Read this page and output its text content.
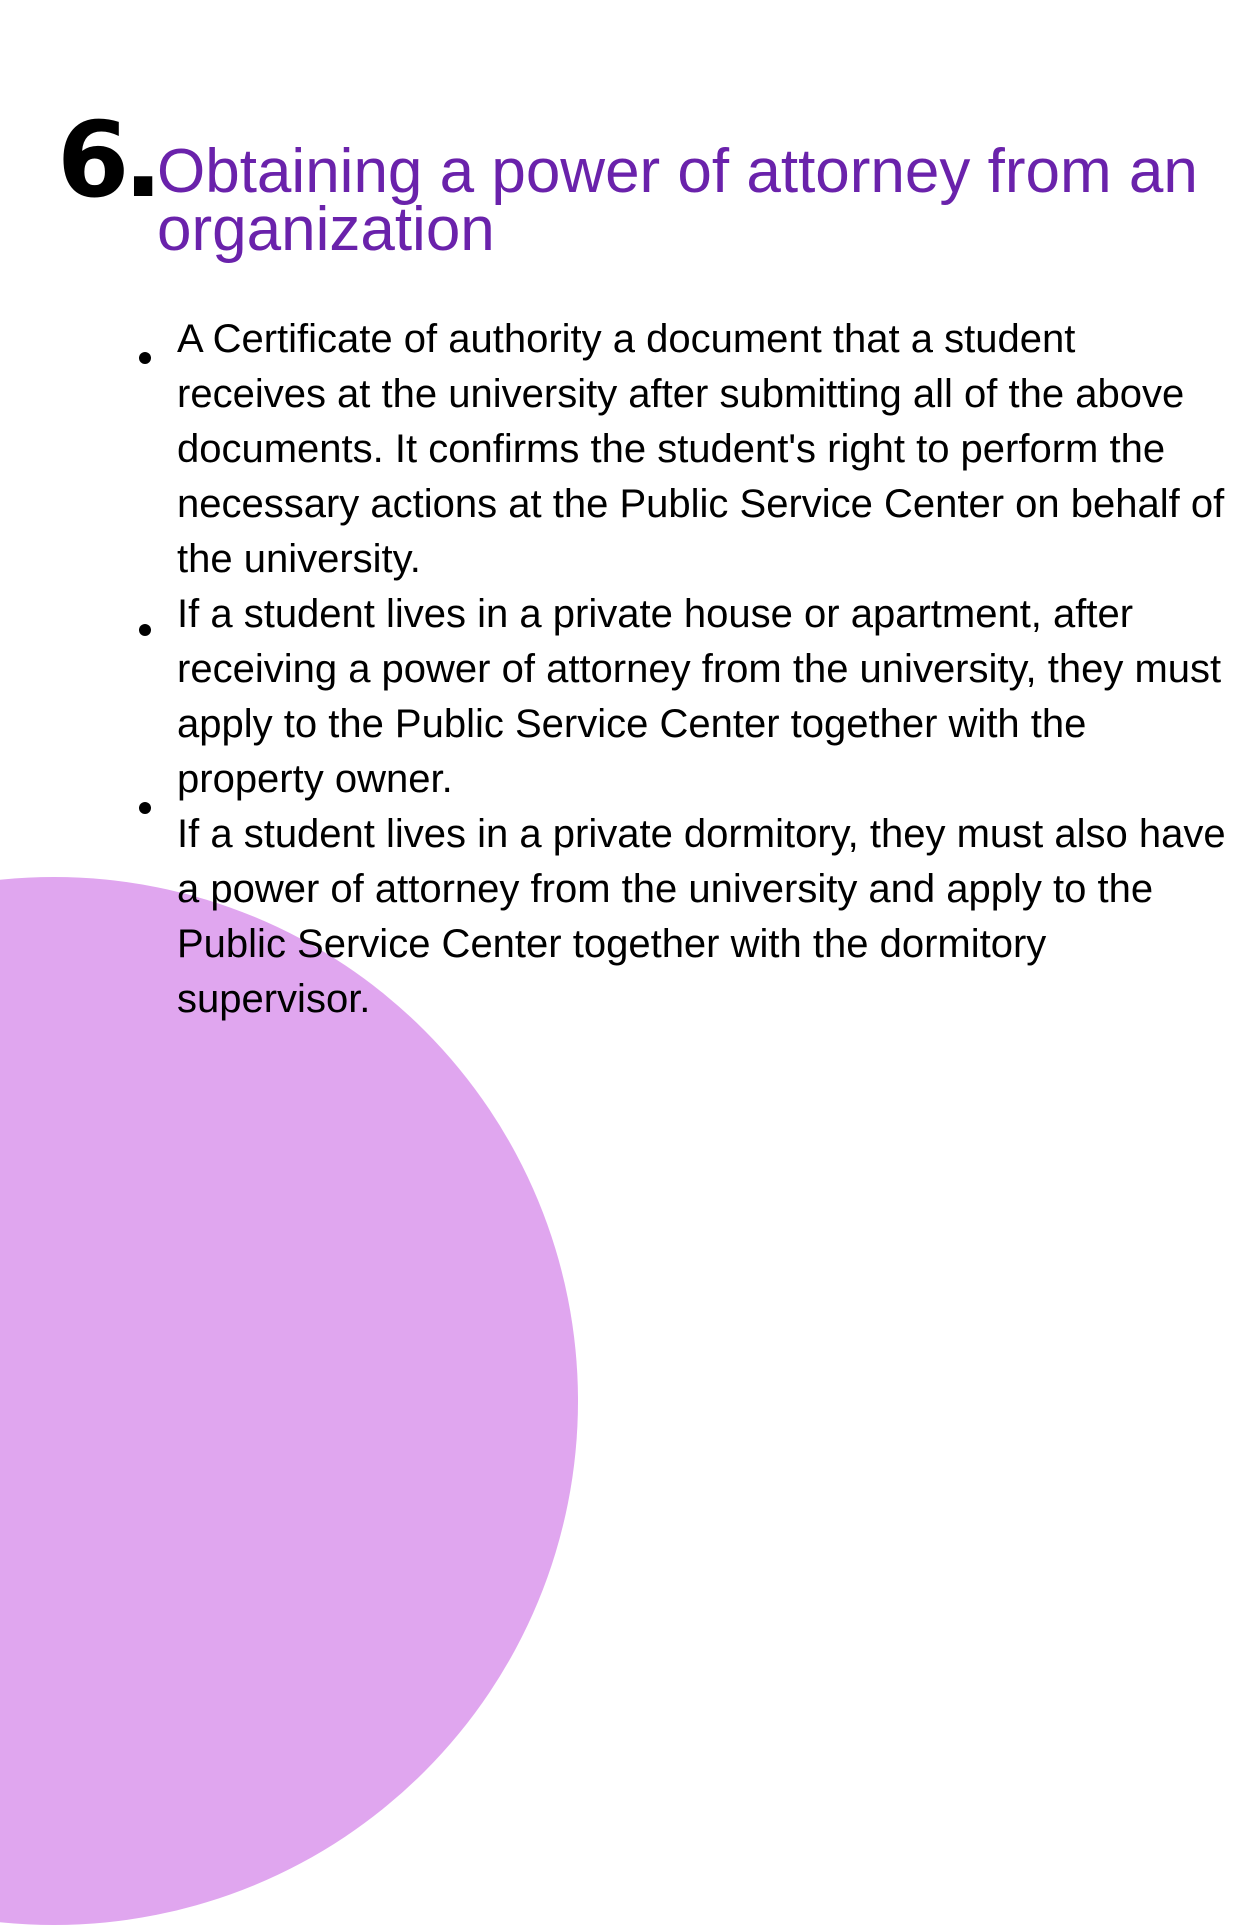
6. Obtaining a power of attorney from an organization
A Certificate of authority a document that a student receives at the university after submitting all of the above documents. It confirms the student's right to perform the necessary actions at the Public Service Center on behalf of the university.
If a student lives in a private house or apartment, after receiving a power of attorney from the university, they must apply to the Public Service Center together with the property owner.
If a student lives in a private dormitory, they must also have a power of attorney from the university and apply to the Public Service Center together with the dormitory supervisor.
